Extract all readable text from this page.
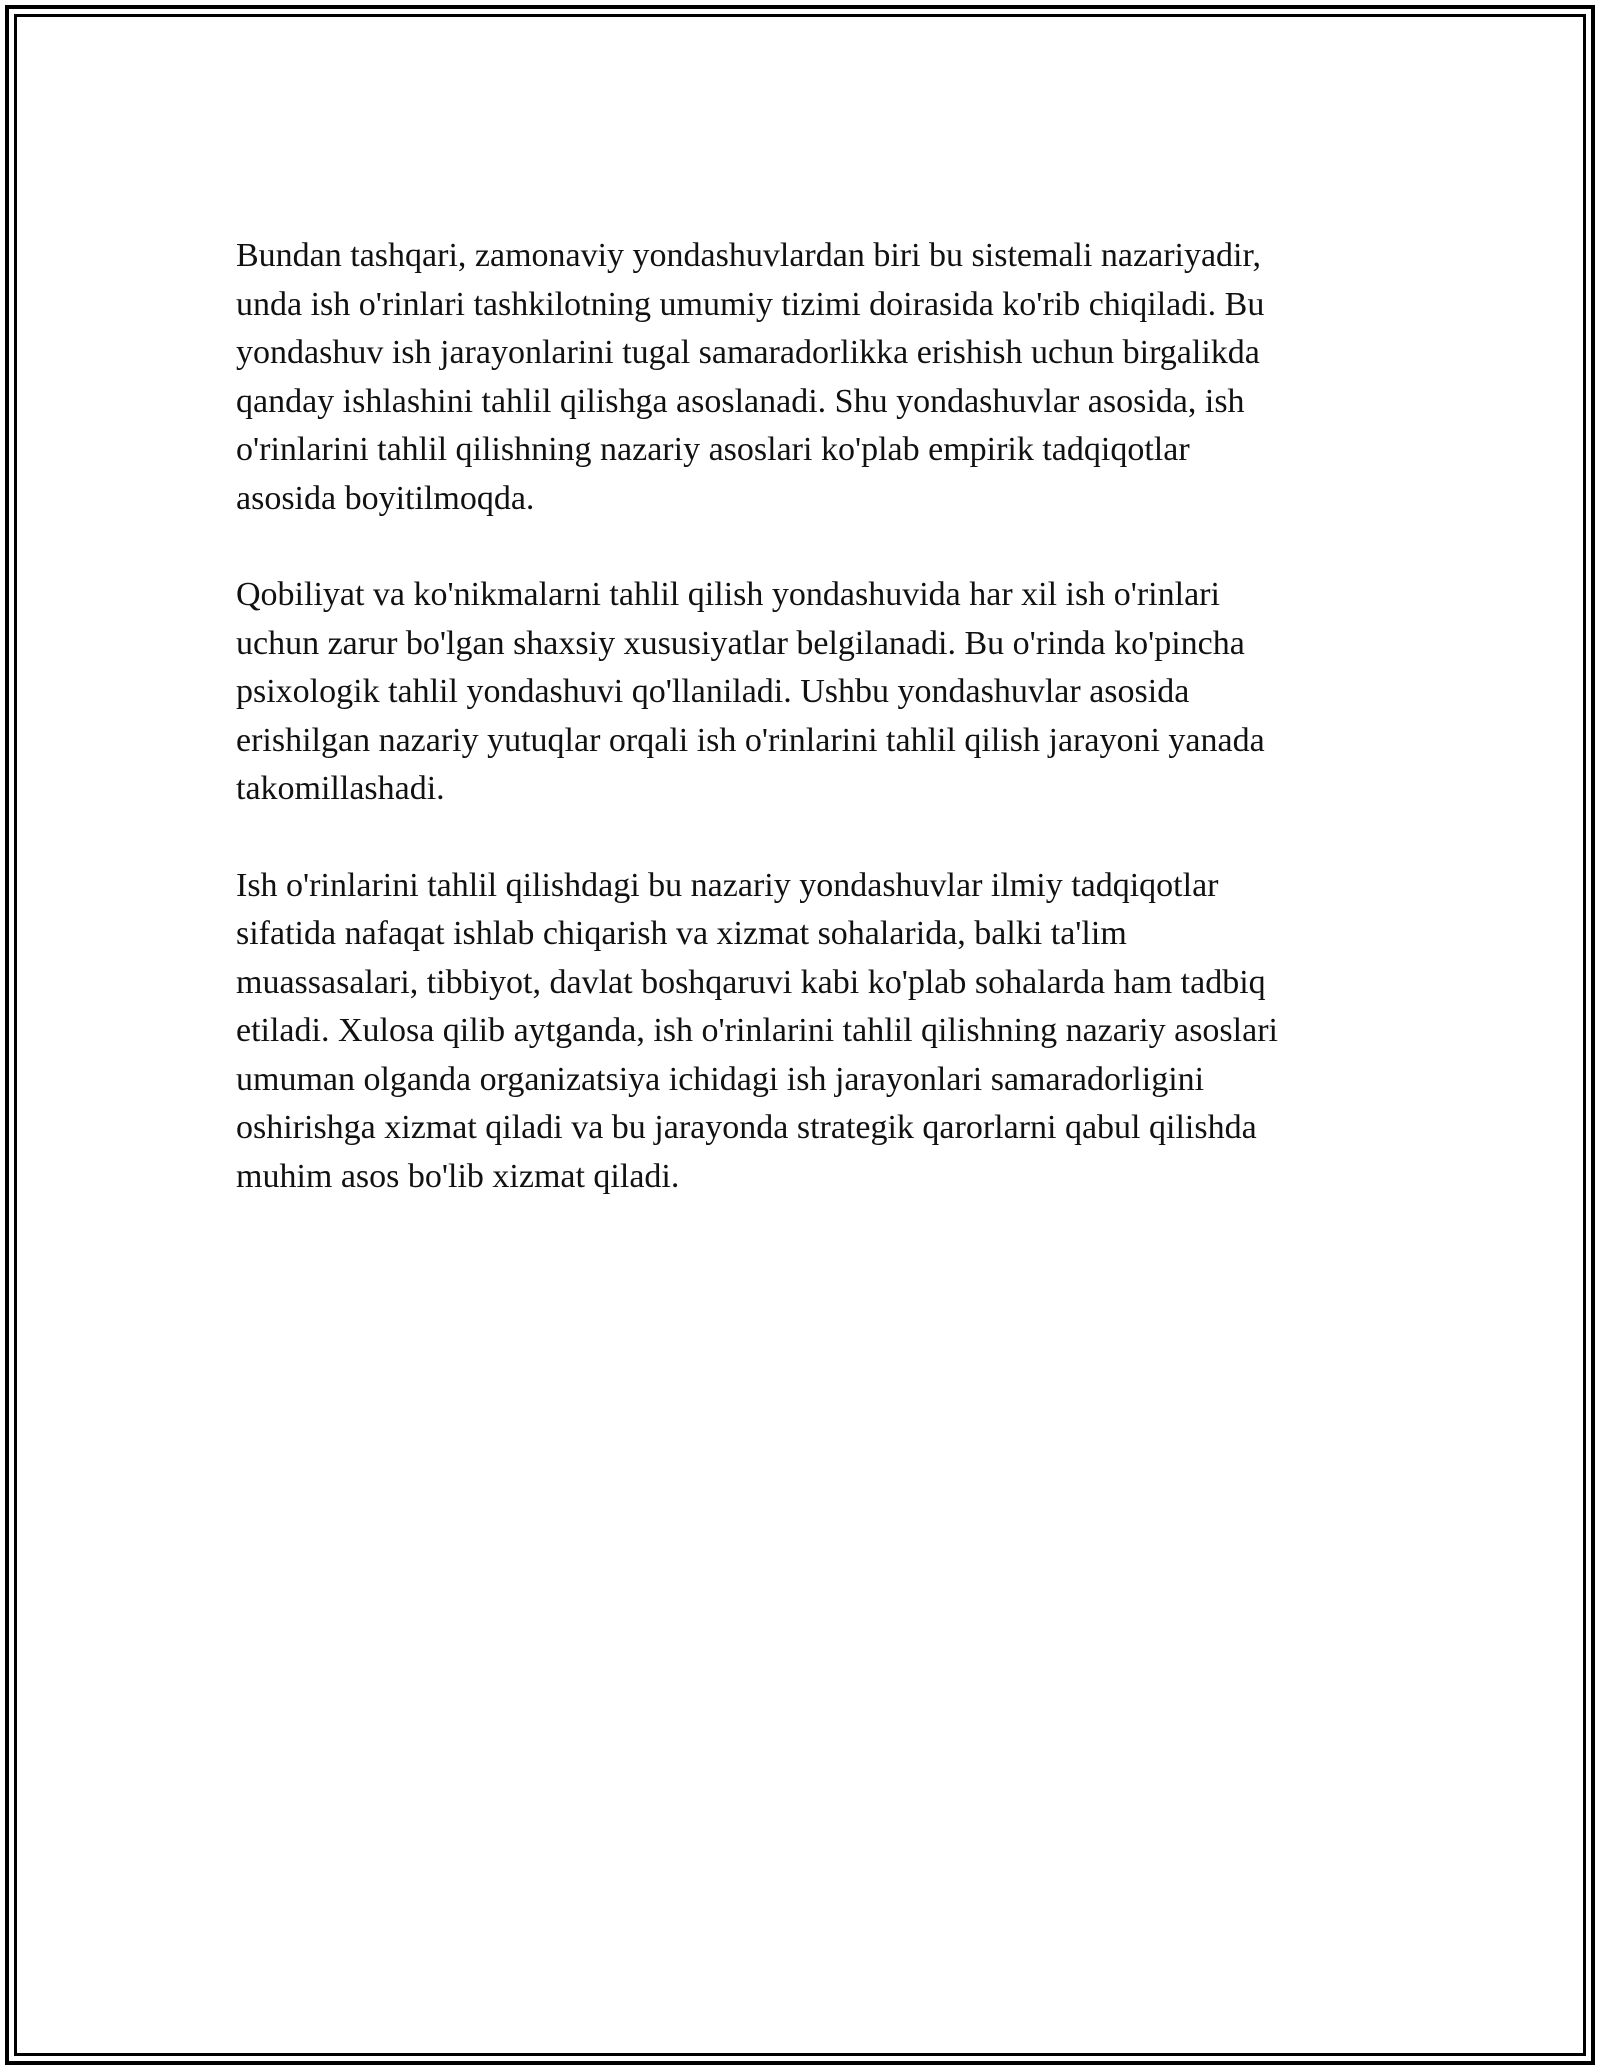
Bundan tashqari, zamonaviy yondashuvlardan biri bu sistemali nazariyadir,
unda ish o'rinlari tashkilotning umumiy tizimi doirasida ko'rib chiqiladi. Bu
yondashuv ish jarayonlarini tugal samaradorlikka erishish uchun birgalikda
qanday ishlashini tahlil qilishga asoslanadi. Shu yondashuvlar asosida, ish
o'rinlarini tahlil qilishning nazariy asoslari ko'plab empirik tadqiqotlar
asosida boyitilmoqda.

Qobiliyat va ko'nikmalarni tahlil qilish yondashuvida har xil ish o'rinlari
uchun zarur bo'lgan shaxsiy xususiyatlar belgilanadi. Bu o'rinda ko'pincha
psixologik tahlil yondashuvi qo'llaniladi. Ushbu yondashuvlar asosida
erishilgan nazariy yutuqlar orqali ish o'rinlarini tahlil qilish jarayoni yanada
takomillashadi.

Ish o'rinlarini tahlil qilishdagi bu nazariy yondashuvlar ilmiy tadqiqotlar
sifatida nafaqat ishlab chiqarish va xizmat sohalarida, balki ta'lim
muassasalari, tibbiyot, davlat boshqaruvi kabi ko'plab sohalarda ham tadbiq
etiladi. Xulosa qilib aytganda, ish o'rinlarini tahlil qilishning nazariy asoslari
umuman olganda organizatsiya ichidagi ish jarayonlari samaradorligini
oshirishga xizmat qiladi va bu jarayonda strategik qarorlarni qabul qilishda
muhim asos bo'lib xizmat qiladi.
